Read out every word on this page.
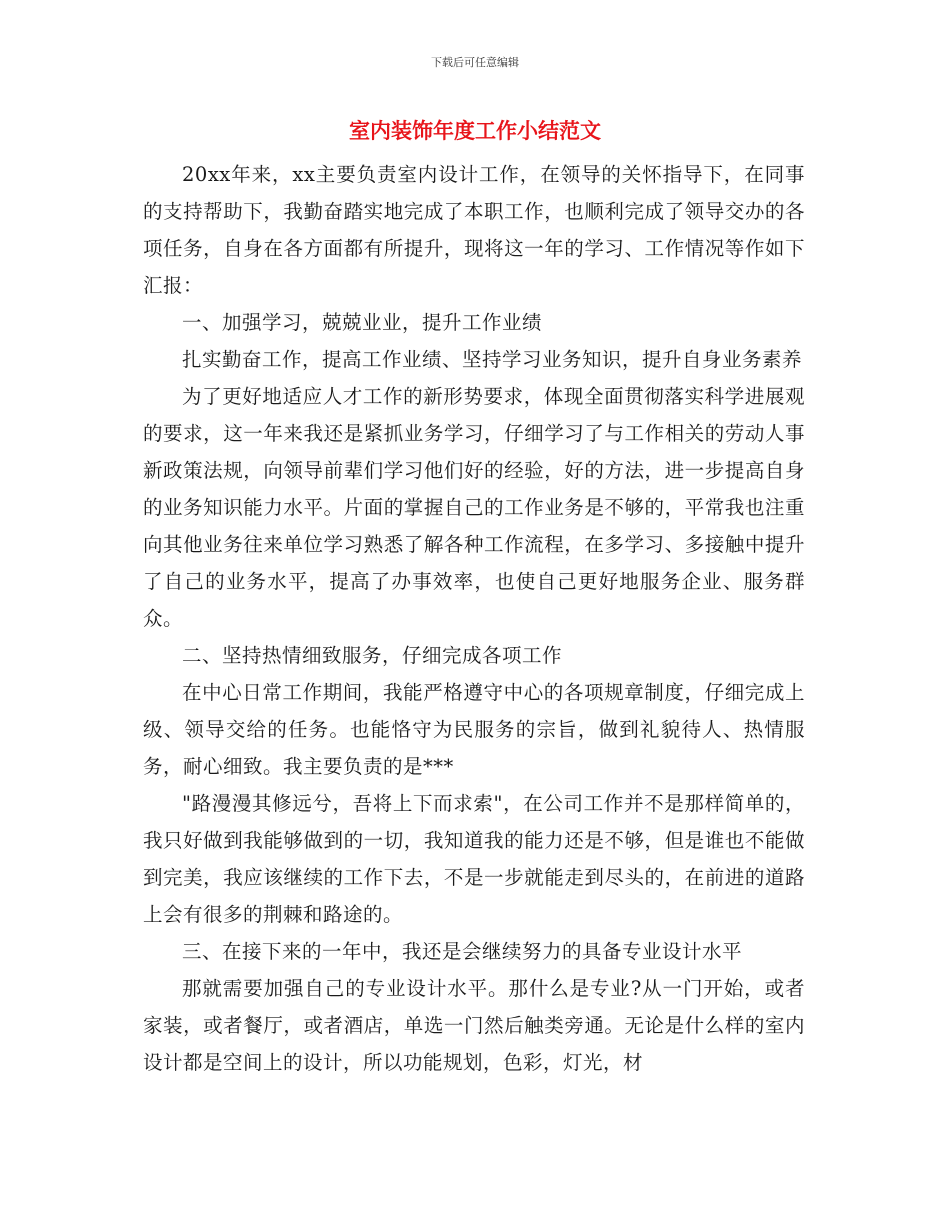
下载后可任意编辑
室内装饰年度工作小结范文

20xx年来，xx主要负责室内设计工作，在领导的关怀指导下，在同事的支持帮助下，我勤奋踏实地完成了本职工作，也顺利完成了领导交办的各项任务，自身在各方面都有所提升，现将这一年的学习、工作情况等作如下汇报：

一、加强学习，兢兢业业，提升工作业绩

扎实勤奋工作，提高工作业绩、坚持学习业务知识，提升自身业务素养

为了更好地适应人才工作的新形势要求，体现全面贯彻落实科学进展观的要求，这一年来我还是紧抓业务学习，仔细学习了与工作相关的劳动人事新政策法规，向领导前辈们学习他们好的经验，好的方法，进一步提高自身的业务知识能力水平。片面的掌握自己的工作业务是不够的，平常我也注重向其他业务往来单位学习熟悉了解各种工作流程，在多学习、多接触中提升了自己的业务水平，提高了办事效率，也使自己更好地服务企业、服务群众。

二、坚持热情细致服务，仔细完成各项工作

在中心日常工作期间，我能严格遵守中心的各项规章制度，仔细完成上级、领导交给的任务。也能恪守为民服务的宗旨，做到礼貌待人、热情服务，耐心细致。我主要负责的是***

"路漫漫其修远兮，吾将上下而求索"，在公司工作并不是那样简单的，我只好做到我能够做到的一切，我知道我的能力还是不够，但是谁也不能做到完美，我应该继续的工作下去，不是一步就能走到尽头的，在前进的道路上会有很多的荆棘和路途的。

三、在接下来的一年中，我还是会继续努力的具备专业设计水平

那就需要加强自己的专业设计水平。那什么是专业?从一门开始，或者家装，或者餐厅，或者酒店，单选一门然后触类旁通。无论是什么样的室内设计都是空间上的设计，所以功能规划，色彩，灯光，材
